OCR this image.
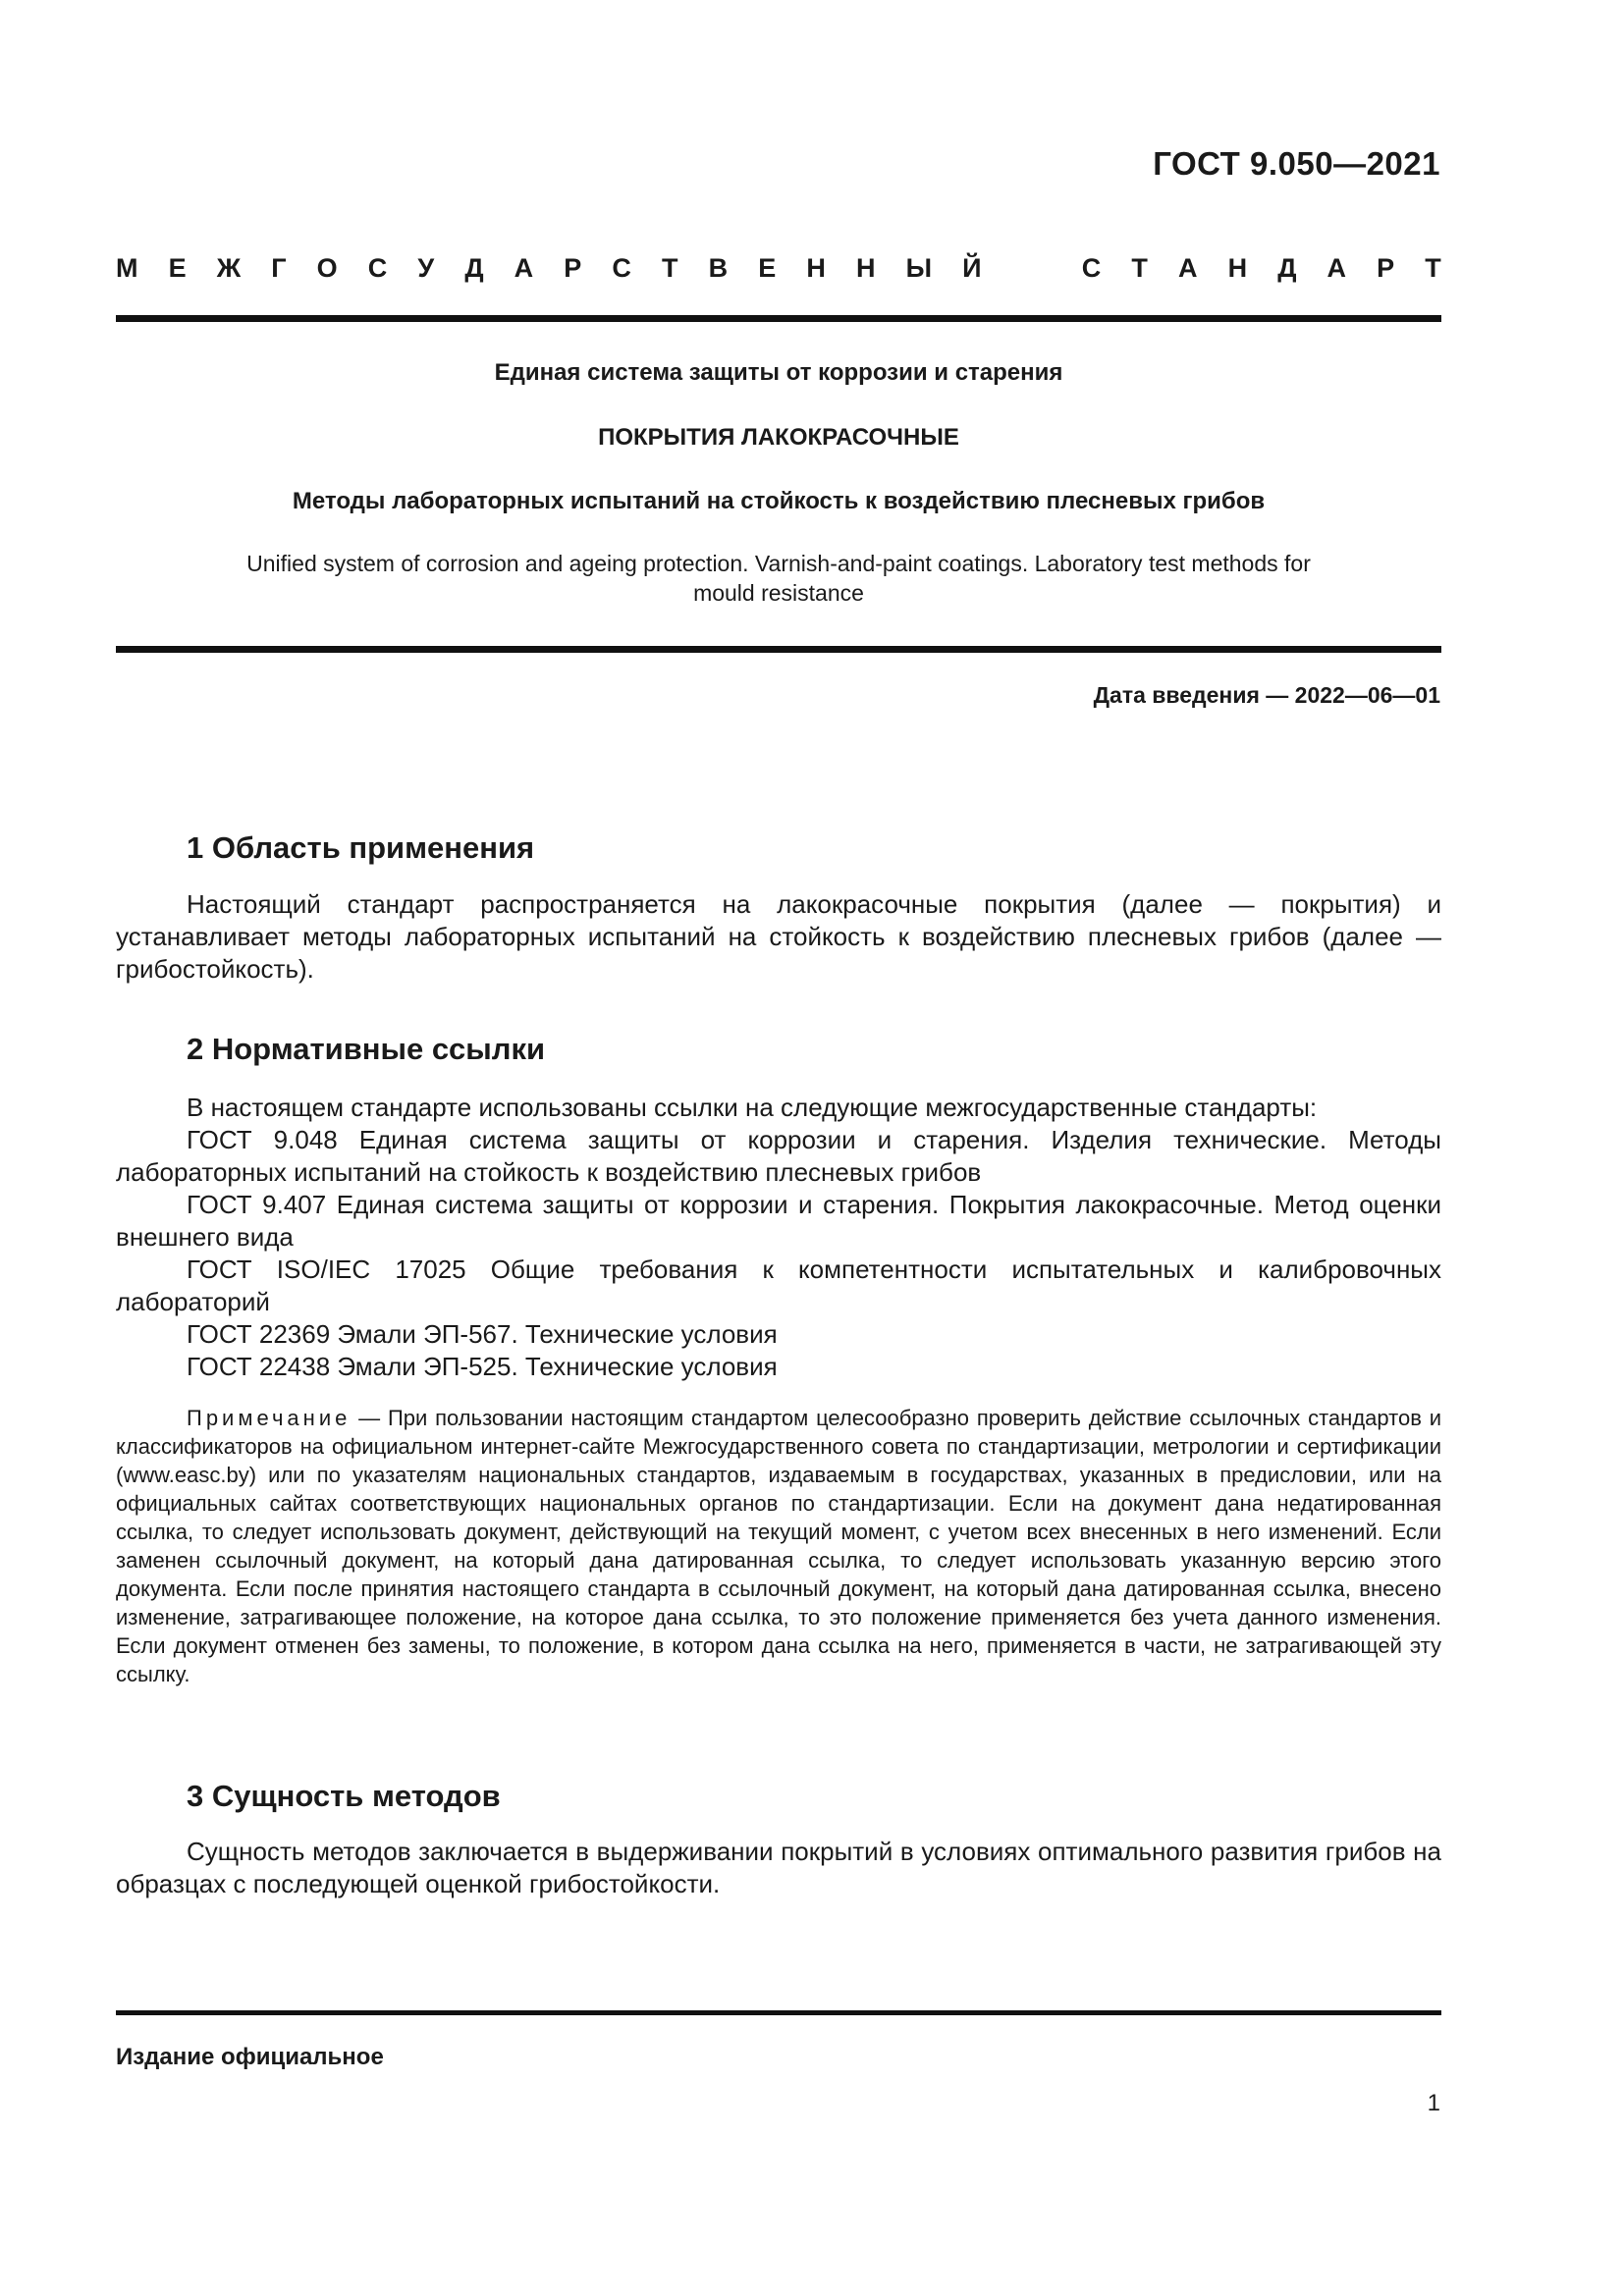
ГОСТ 9.050—2021
М Е Ж Г О С У Д А Р С Т В Е Н Н Ы Й	С Т А Н Д А Р Т
Единая система защиты от коррозии и старения
ПОКРЫТИЯ ЛАКОКРАСОЧНЫЕ
Методы лабораторных испытаний на стойкость к воздействию плесневых грибов
Unified system of corrosion and ageing protection. Varnish-and-paint coatings. Laboratory test methods for mould resistance
Дата введения — 2022—06—01
1 Область применения

Настоящий стандарт распространяется на лакокрасочные покрытия (далее — покрытия) и устанавливает методы лабораторных испытаний на стойкость к воздействию плесневых грибов (далее — грибостойкость).

2 Нормативные ссылки

В настоящем стандарте использованы ссылки на следующие межгосударственные стандарты:

ГОСТ 9.048 Единая система защиты от коррозии и старения. Изделия технические. Методы лабораторных испытаний на стойкость к воздействию плесневых грибов

ГОСТ 9.407 Единая система защиты от коррозии и старения. Покрытия лакокрасочные. Метод оценки внешнего вида

ГОСТ ISO/IEC 17025 Общие требования к компетентности испытательных и калибровочных лабораторий

ГОСТ 22369 Эмали ЭП-567. Технические условия

ГОСТ 22438 Эмали ЭП-525. Технические условия

Примечание — При пользовании настоящим стандартом целесообразно проверить действие ссылочных стандартов и классификаторов на официальном интернет-сайте Межгосударственного совета по стандартизации, метрологии и сертификации (www.easc.by) или по указателям национальных стандартов, издаваемым в государствах, указанных в предисловии, или на официальных сайтах соответствующих национальных органов по стандартизации. Если на документ дана недатированная ссылка, то следует использовать документ, действующий на текущий момент, с учетом всех внесенных в него изменений. Если заменен ссылочный документ, на который дана датированная ссылка, то следует использовать указанную версию этого документа. Если после принятия настоящего стандарта в ссылочный документ, на который дана датированная ссылка, внесено изменение, затрагивающее положение, на которое дана ссылка, то это положение применяется без учета данного изменения. Если документ отменен без замены, то положение, в котором дана ссылка на него, применяется в части, не затрагивающей эту ссылку.
3 Сущность методов

Сущность методов заключается в выдерживании покрытий в условиях оптимального развития грибов на образцах с последующей оценкой грибостойкости.

Издание официальное
1
